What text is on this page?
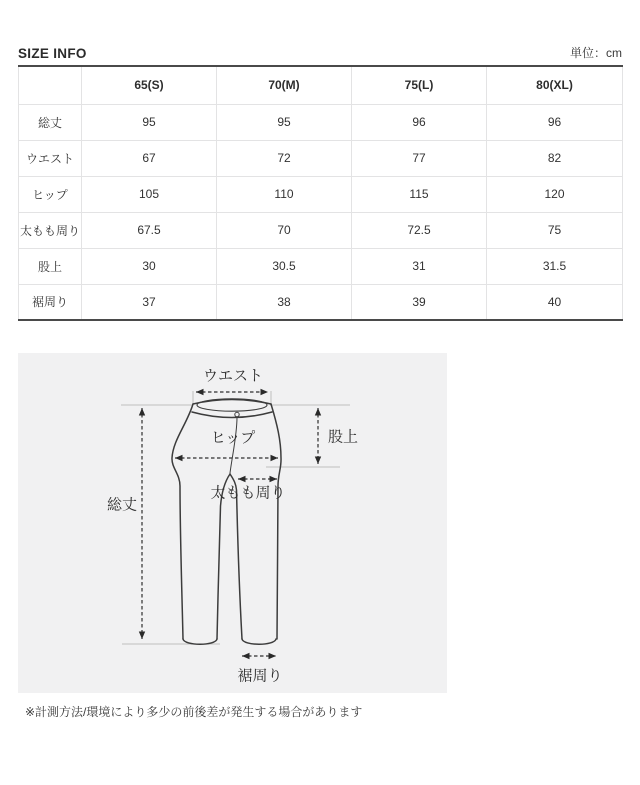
SIZE INFO	単位：cm
	65(S)	70(M)	75(L)	80(XL)
総丈	95	95	96	96
ウエスト	67	72	77	82
ヒップ	105	110	115	120
太もも周り	67.5	70	72.5	75
股上	30	30.5	31	31.5
裾周り	37	38	39	40
ウエスト
ヒップ	股上
総丈
太もも周り
裾周り
※計測方法/環境により多少の前後差が発生する場合があります
